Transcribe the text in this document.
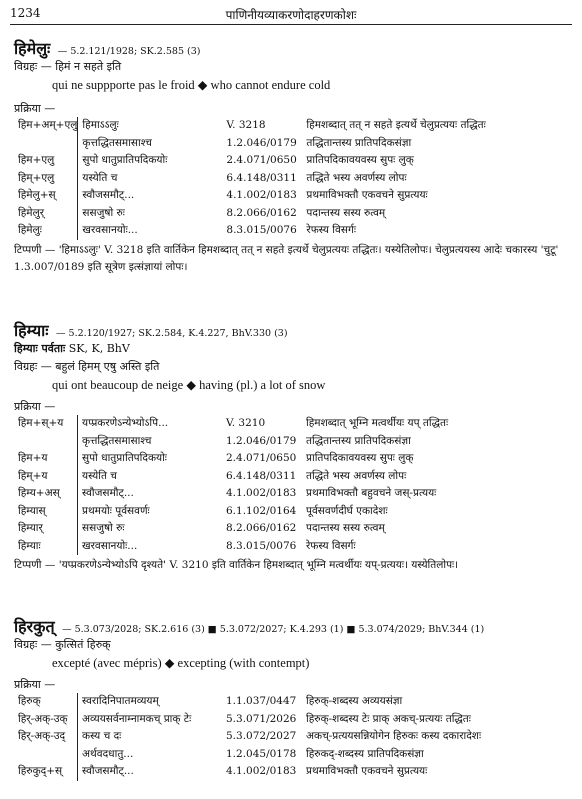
1234	पाणिनीयव्याकरणोदाहरणकोशः
हिमेलुः — 5.2.121/1928; SK.2.585 (3)
विग्रहः — हिमं न सहते इति
qui ne suppporte pas le froid ◆ who cannot endure cold
प्रक्रिया —
हिम+अम्+एलु	हिमाऽऽलुः	V. 3218	हिमशब्दात् तत् न सहते इत्यर्थे चेलुप्रत्ययः तद्धितः
	कृत्तद्धितसमासाश्च	1.2.046/0179	तद्धितान्तस्य प्रातिपदिकसंज्ञा
हिम+एलु	सुपो धातुप्रातिपदिकयोः	2.4.071/0650	प्रातिपदिकावयवस्य सुपः लुक्
हिम्+एलु	यस्येति च	6.4.148/0311	तद्धिते भस्य अवर्णस्य लोपः
हिमेलु+स्	स्वौजसमौट्...	4.1.002/0183	प्रथमाविभक्तौ एकवचने सुप्रत्ययः
हिमेलुर्	ससजुषो रुः	8.2.066/0162	पदान्तस्य सस्य रुत्वम्
हिमेलुः	खरवसानयोः...	8.3.015/0076	रेफस्य विसर्गः
टिप्पणी — 'हिमाऽऽलुः' V. 3218 इति वार्तिकेन हिमशब्दात् तत् न सहते इत्यर्थे चेलुप्रत्ययः तद्धितः। यस्येतिलोपः। चेलुप्रत्ययस्य आदेः चकारस्य 'चुटू' 1.3.007/0189 इति सूत्रेण इत्संज्ञायां लोपः।
हिम्याः — 5.2.120/1927; SK.2.584, K.4.227, BhV.330 (3)
हिम्याः पर्वताः SK, K, BhV
विग्रहः — बहुलं हिमम् एषु अस्ति इति
qui ont beaucoup de neige ◆ having (pl.) a lot of snow
प्रक्रिया —
हिम+स्+य	यप्प्रकरणेऽन्येभ्योऽपि...	V. 3210	हिमशब्दात् भूम्नि मत्वर्थीयः यप् तद्धितः
	कृत्तद्धितसमासाश्च	1.2.046/0179	तद्धितान्तस्य प्रातिपदिकसंज्ञा
हिम+य	सुपो धातुप्रातिपदिकयोः	2.4.071/0650	प्रातिपदिकावयवस्य सुपः लुक्
हिम्+य	यस्येति च	6.4.148/0311	तद्धिते भस्य अवर्णस्य लोपः
हिम्य+अस्	स्वौजसमौट्...	4.1.002/0183	प्रथमाविभक्तौ बहुवचने जस्-प्रत्ययः
हिम्यास्	प्रथमयोः पूर्वसवर्णः	6.1.102/0164	पूर्वसवर्णदीर्घ एकादेशः
हिम्यार्	ससजुषो रुः	8.2.066/0162	पदान्तस्य सस्य रुत्वम्
हिम्याः	खरवसानयोः...	8.3.015/0076	रेफस्य विसर्गः
टिप्पणी — 'यप्प्रकरणेऽन्येभ्योऽपि दृश्यते' V. 3210 इति वार्तिकेन हिमशब्दात् भूम्नि मत्वर्थीयः यप्-प्रत्ययः। यस्येतिलोपः।
हिरकुत् — 5.3.073/2028; SK.2.616 (3) ■ 5.3.072/2027; K.4.293 (1) ■ 5.3.074/2029; BhV.344 (1)
विग्रहः — कुत्सितं हिरुक्
excepté (avec mépris) ◆ excepting (with contempt)
प्रक्रिया —
हिरुक्	स्वरादिनिपातमव्ययम्	1.1.037/0447	हिरुक्-शब्दस्य अव्ययसंज्ञा
हिर्-अक्-उक्	अव्ययसर्वनाम्नामकच् प्राक् टेः	5.3.071/2026	हिरुक्-शब्दस्य टेः प्राक् अकच्-प्रत्ययः तद्धितः
हिर्-अक्-उद्	कस्य च दः	5.3.072/2027	अकच्-प्रत्ययसन्नियोगेन हिरुकः कस्य दकारादेशः
	अर्थवदधातु...	1.2.045/0178	हिरुकद्-शब्दस्य प्रातिपदिकसंज्ञा
हिरुकुद्+स्	स्वौजसमौट्...	4.1.002/0183	प्रथमाविभक्तौ एकवचने सुप्रत्ययः
